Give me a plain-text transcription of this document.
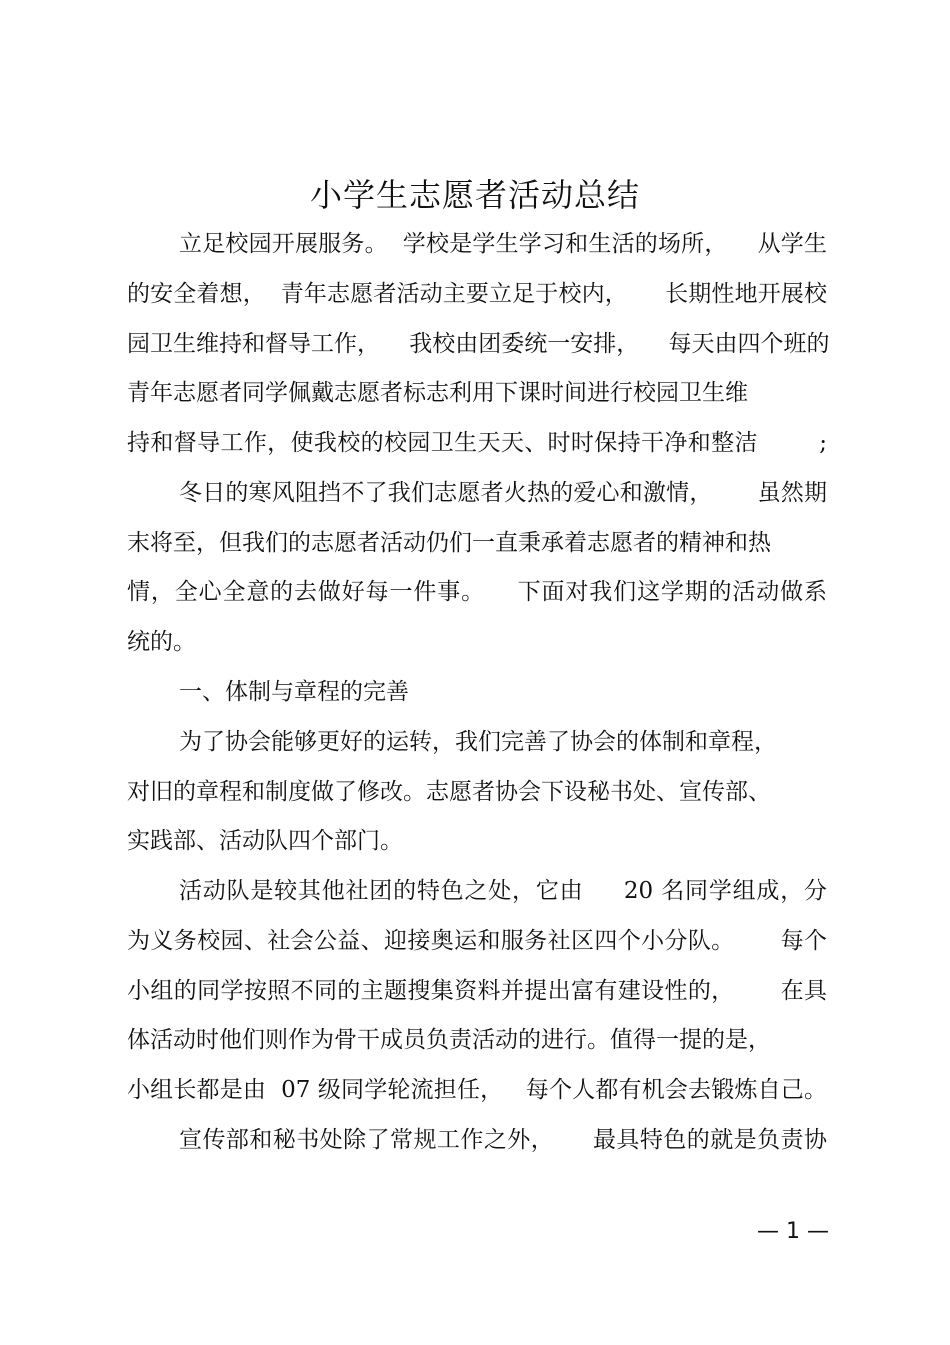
小学生志愿者活动总结
立足校园开展服务。  学校是学生学习和生活的场所，    从学生
的安全着想，  青年志愿者活动主要立足于校内，     长期性地开展校
园卫生维持和督导工作，    我校由团委统一安排，    每天由四个班的
青年志愿者同学佩戴志愿者标志利用下课时间进行校园卫生维
持和督导工作，使我校的校园卫生天天、时时保持干净和整洁        ;
冬日的寒风阻挡不了我们志愿者火热的爱心和激情，      虽然期
末将至，但我们的志愿者活动仍们一直秉承着志愿者的精神和热
情，全心全意的去做好每一件事。    下面对我们这学期的活动做系
统的。
一、体制与章程的完善
为了协会能够更好的运转，我们完善了协会的体制和章程，
对旧的章程和制度做了修改。志愿者协会下设秘书处、宣传部、
实践部、活动队四个部门。
活动队是较其他社团的特色之处，它由     20 名同学组成，分
为义务校园、社会公益、迎接奥运和服务社区四个小分队。      每个
小组的同学按照不同的主题搜集资料并提出富有建设性的，      在具
体活动时他们则作为骨干成员负责活动的进行。值得一提的是，
小组长都是由  07 级同学轮流担任，   每个人都有机会去锻炼自己。
宣传部和秘书处除了常规工作之外，     最具特色的就是负责协
— 1 —
